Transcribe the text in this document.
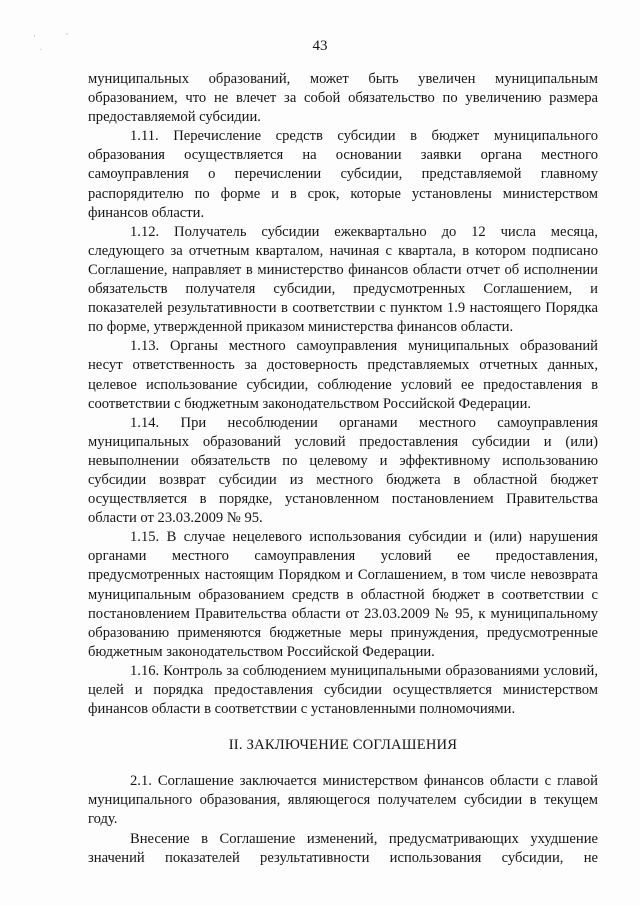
'
,
.	43

муниципальных образований, может быть увеличен муниципальным образованием, что не влечет за собой обязательство по увеличению размера предоставляемой субсидии.

1.11. Перечисление средств субсидии в бюджет муниципального образования осуществляется на основании заявки органа местного самоуправления о перечислении субсидии, представляемой главному распорядителю по форме и в срок, которые установлены министерством финансов области.

1.12. Получатель субсидии ежеквартально до 12 числа месяца, следующего за отчетным кварталом, начиная с квартала, в котором подписано Соглашение, направляет в министерство финансов области отчет об исполнении обязательств получателя субсидии, предусмотренных Соглашением, и показателей результативности в соответствии с пунктом 1.9 настоящего Порядка по форме, утвержденной приказом министерства финансов области.

1.13. Органы местного самоуправления муниципальных образований несут ответственность за достоверность представляемых отчетных данных, целевое использование субсидии, соблюдение условий ее предоставления в соответствии с бюджетным законодательством Российской Федерации.

1.14. При несоблюдении органами местного самоуправления муниципальных образований условий предоставления субсидии и (или) невыполнении обязательств по целевому и эффективному использованию субсидии возврат субсидии из местного бюджета в областной бюджет осуществляется в порядке, установленном постановлением Правительства области от 23.03.2009 № 95.

1.15. В случае нецелевого использования субсидии и (или) нарушения органами местного самоуправления условий ее предоставления, предусмотренных настоящим Порядком и Соглашением, в том числе невозврата муниципальным образованием средств в областной бюджет в соответствии с постановлением Правительства области от 23.03.2009 № 95, к муниципальному образованию применяются бюджетные меры принуждения, предусмотренные бюджетным законодательством Российской Федерации.

1.16. Контроль за соблюдением муниципальными образованиями условий, целей и порядка предоставления субсидии осуществляется министерством финансов области в соответствии с установленными полномочиями.

II. ЗАКЛЮЧЕНИЕ СОГЛАШЕНИЯ

2.1. Соглашение заключается министерством финансов области с главой муниципального образования, являющегося получателем субсидии в текущем году.

Внесение в Соглашение изменений, предусматривающих ухудшение значений показателей результативности использования субсидии, не
